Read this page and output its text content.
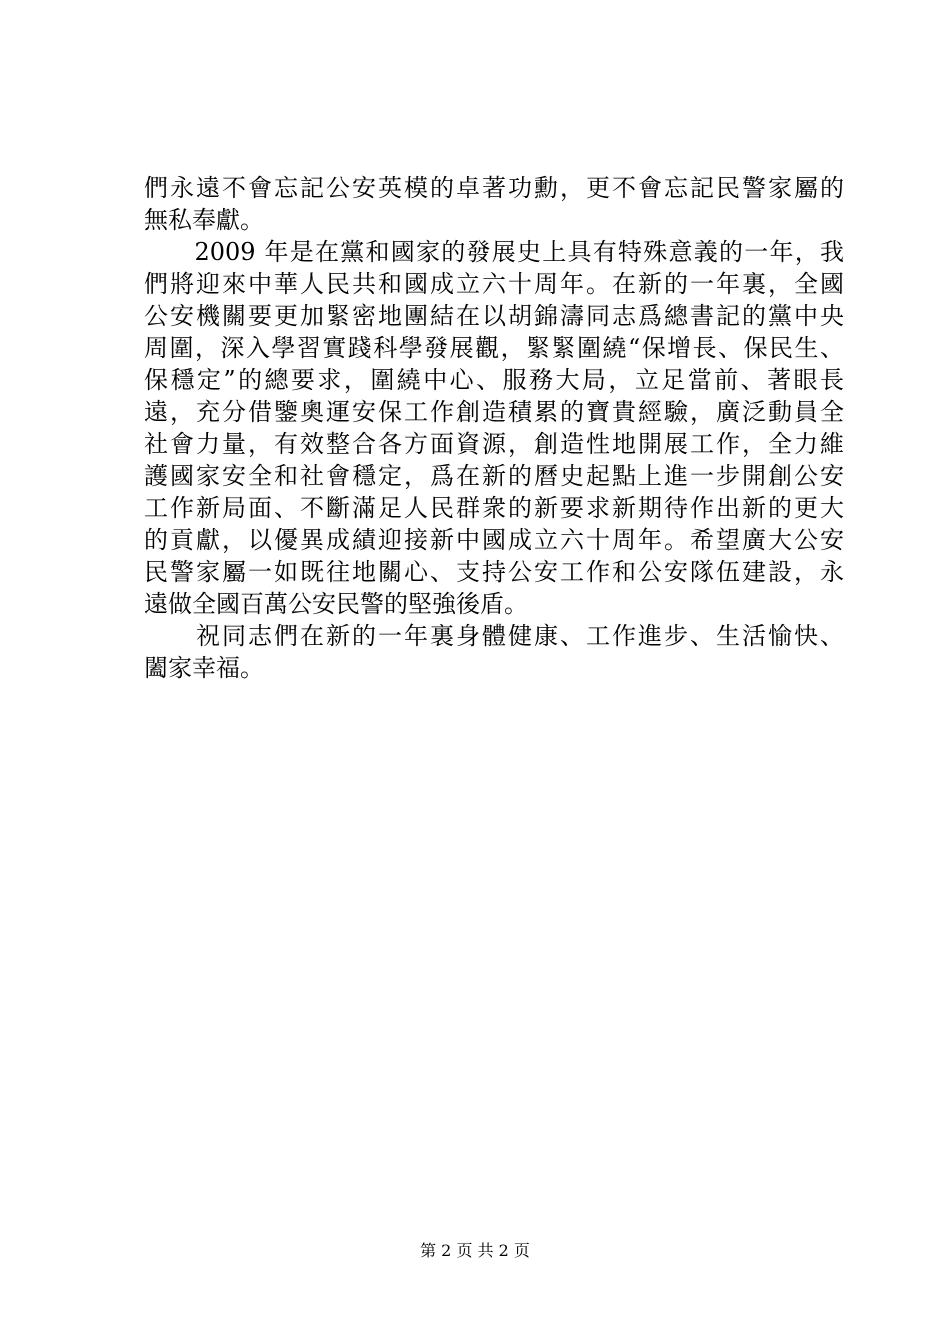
們永遠不會忘記公安英模的卓著功勳，更不會忘記民警家屬的
無私奉獻。
　　2009 年是在黨和國家的發展史上具有特殊意義的一年，我
們將迎來中華人民共和國成立六十周年。在新的一年裏，全國
公安機關要更加緊密地團結在以胡錦濤同志爲總書記的黨中央
周圍，深入學習實踐科學發展觀，緊緊圍繞“保增長、保民生、
保穩定”的總要求，圍繞中心、服務大局，立足當前、著眼長
遠，充分借鑒奧運安保工作創造積累的寶貴經驗，廣泛動員全
社會力量，有效整合各方面資源，創造性地開展工作，全力維
護國家安全和社會穩定，爲在新的曆史起點上進一步開創公安
工作新局面、不斷滿足人民群衆的新要求新期待作出新的更大
的貢獻，以優異成績迎接新中國成立六十周年。希望廣大公安
民警家屬一如既往地關心、支持公安工作和公安隊伍建設，永
遠做全國百萬公安民警的堅強後盾。
　　祝同志們在新的一年裏身體健康、工作進步、生活愉快、
闔家幸福。
第 2 页 共 2 页
